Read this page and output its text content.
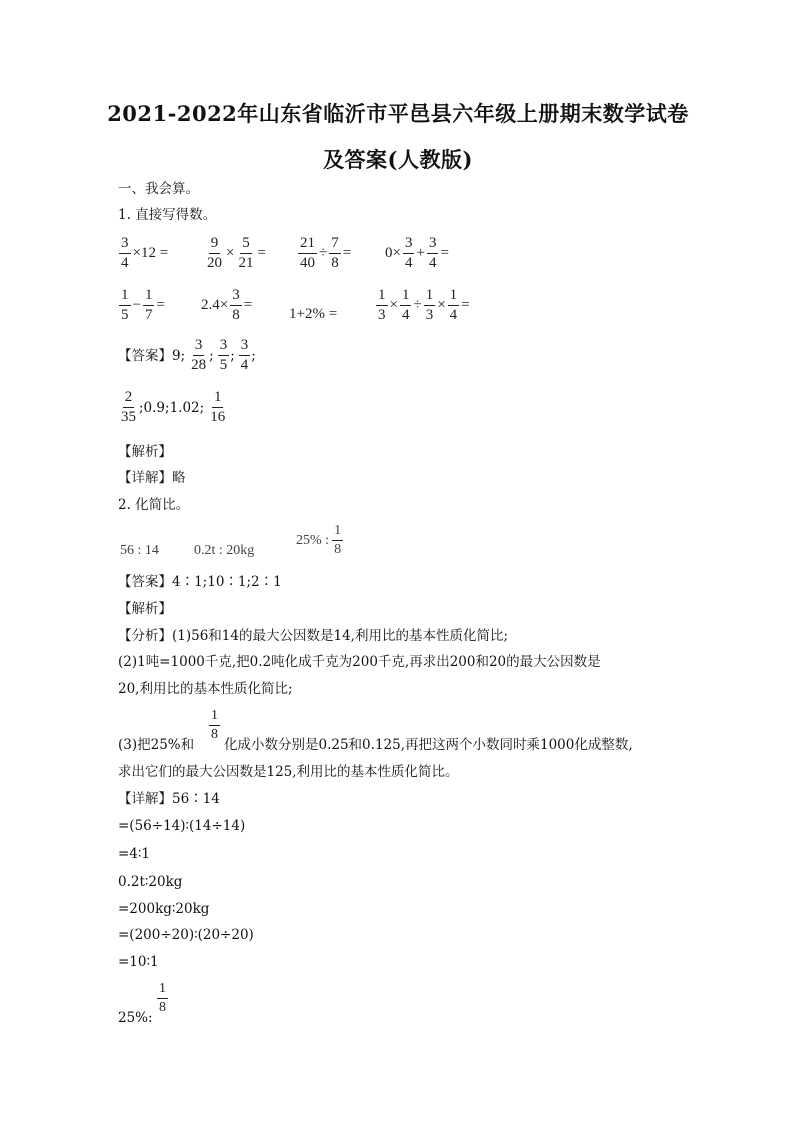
2021-2022年山东省临沂市平邑县六年级上册期末数学试卷
及答案(人教版)
一、我会算。
1. 直接写得数。
$\frac{3}{4} \times 12 = \frac{9}{20} \times \frac{5}{21} = \frac{21}{40} \div \frac{7}{8} = 0\times \frac{3}{4} + \frac{3}{4}$ =
$\frac{1}{5} - \frac{1}{7} = 2.4\times \frac{3}{8}$ =
1+2% =	$\frac{1}{3} \times \frac{1}{4} \div \frac{1}{3} \times \frac{1}{4}$ =
【答案】 9; $\frac{3}{28}$ ; $\frac{3}{5}$ ; $\frac{3}{4}$ ;
$\frac{2}{35}$ ;0.9;1.02; $\frac{1}{16}$
【解析】
【详解】略
2. 化简比。
56 : 14	0.2t : 20kg
25% : $\frac{1}{8}$
【答案】4∶1;10∶1;2∶1
【解析】
【分析】(1)56和14的最大公因数是14,利用比的基本性质化简比;
(2)1吨=1000千克,把0.2吨化成千克为200千克,再求出200和20的最大公因数是
20,利用比的基本性质化简比;
$\frac{1}{8}$
(3)把25%和 化成小数分别是0.25和0.125,再把这两个小数同时乘1000化成整数,
求出它们的最大公因数是125,利用比的基本性质化简比。
【详解】56∶14
=(56÷14)∶(14÷14)
=4∶1
0.2t∶20kg
=200kg∶20kg
=(200÷20)∶(20÷20)
=10∶1
$\frac{1}{8}$
25%:
